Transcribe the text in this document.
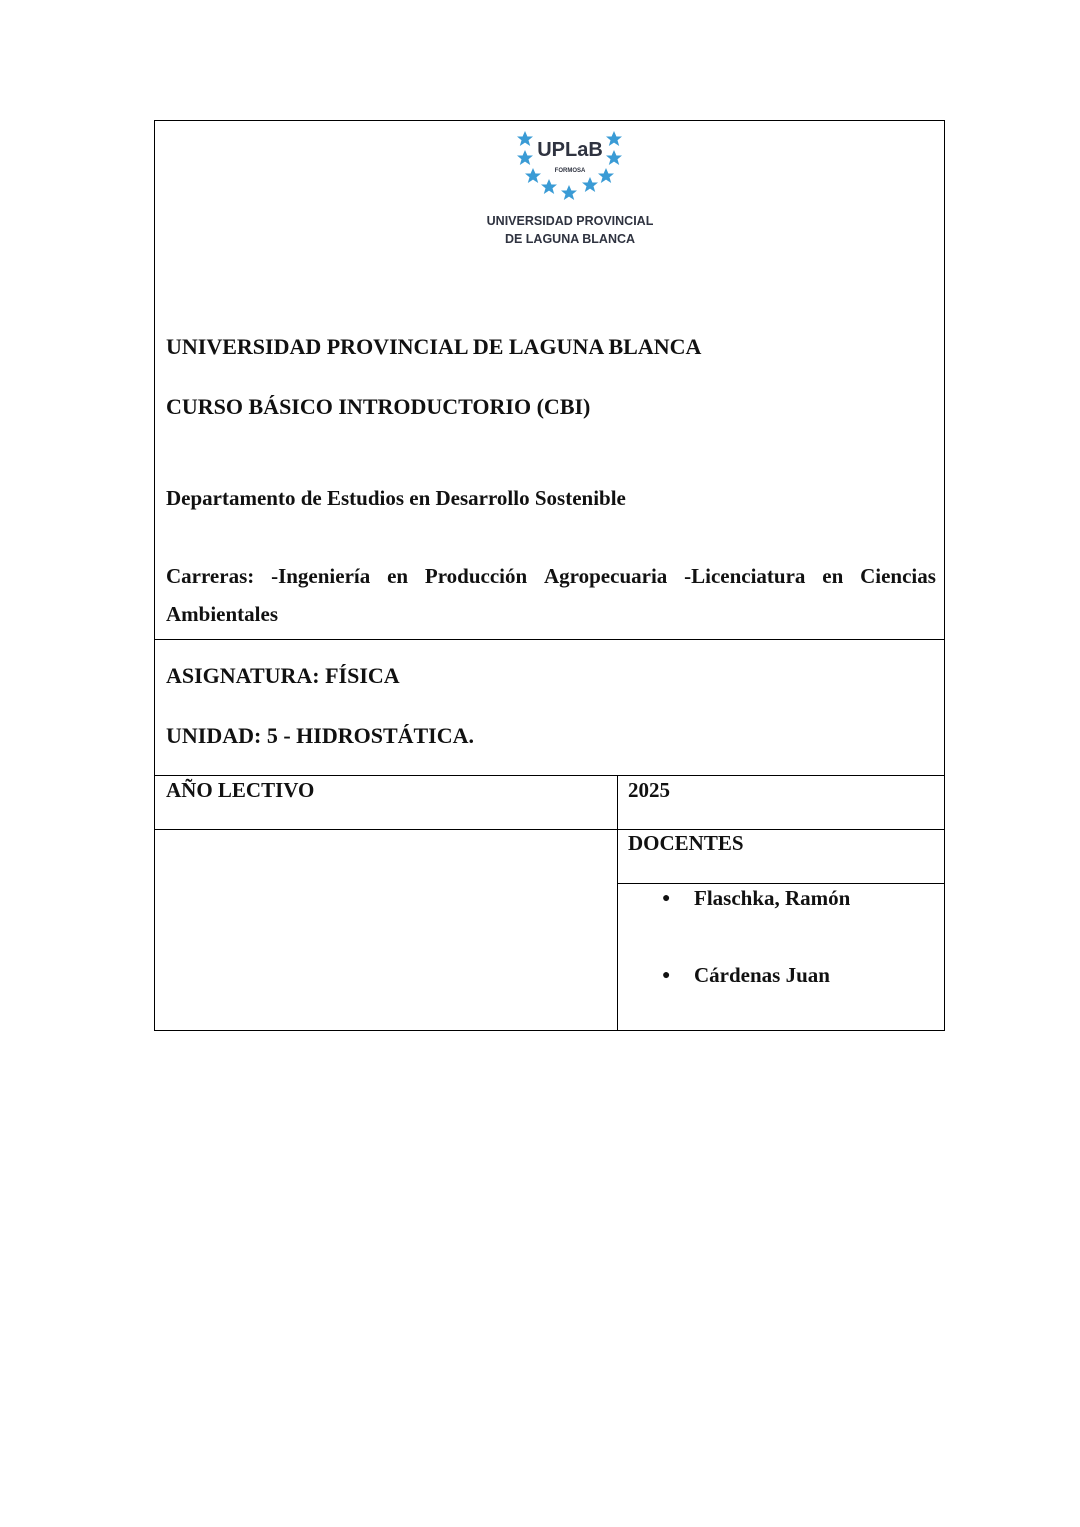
UPLaB
FORMOSA
UNIVERSIDAD PROVINCIAL
DE LAGUNA BLANCA
UNIVERSIDAD PROVINCIAL DE LAGUNA BLANCA
CURSO BÁSICO INTRODUCTORIO (CBI)
Departamento de Estudios en Desarrollo Sostenible
Carreras: -Ingeniería en Producción Agropecuaria -Licenciatura en Ciencias
Ambientales
ASIGNATURA: FÍSICA
UNIDAD: 5 - HIDROSTÁTICA.
AÑO LECTIVO	2025
DOCENTES
● Flaschka, Ramón
● Cárdenas Juan
